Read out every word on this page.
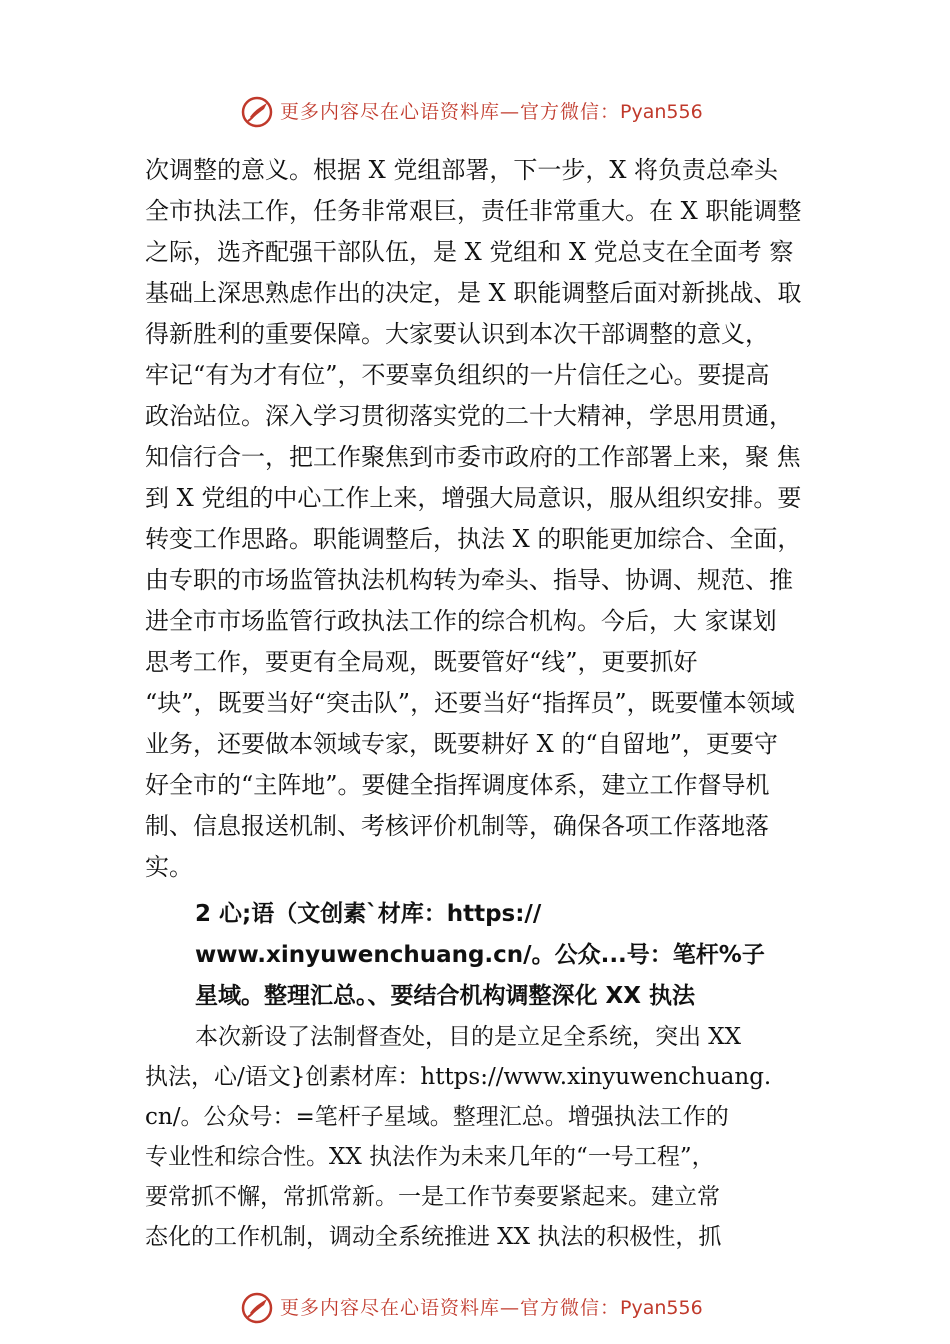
更多内容尽在心语资料库—官方微信：Pyan556
次调整的意义。根据 X 党组部署，下一步，X 将负责总牵头
全市执法工作，任务非常艰巨，责任非常重大。在 X 职能调整
之际，选齐配强干部队伍，是 X 党组和 X 党总支在全面考 察
基础上深思熟虑作出的决定，是 X 职能调整后面对新挑战、取
得新胜利的重要保障。大家要认识到本次干部调整的意义，
牢记“有为才有位”，不要辜负组织的一片信任之心。要提高
政治站位。深入学习贯彻落实党的二十大精神，学思用贯通，
知信行合一，把工作聚焦到市委市政府的工作部署上来，聚 焦
到 X 党组的中心工作上来，增强大局意识，服从组织安排。要
转变工作思路。职能调整后，执法 X 的职能更加综合、全面，
由专职的市场监管执法机构转为牵头、指导、协调、规范、推
进全市市场监管行政执法工作的综合机构。今后，大 家谋划
思考工作，要更有全局观，既要管好“线”，更要抓好
“块”，既要当好“突击队”，还要当好“指挥员”，既要懂本领域
业务，还要做本领域专家，既要耕好 X 的“自留地”，更要守
好全市的“主阵地”。要健全指挥调度体系，建立工作督导机
制、信息报送机制、考核评价机制等，确保各项工作落地落
实。
2 心;语（文创素`材库：https://
www.xinyuwenchuang.cn/。公众...号：笔杆%子
星域。整理汇总。、要结合机构调整深化 XX 执法
本次新设了法制督查处，目的是立足全系统，突出 XX
执法，心/语文}创素材库：https://www.xinyuwenchuang.
cn/。公众号：=笔杆子星域。整理汇总。增强执法工作的
专业性和综合性。XX 执法作为未来几年的“一号工程”，
要常抓不懈，常抓常新。一是工作节奏要紧起来。建立常
态化的工作机制，调动全系统推进 XX 执法的积极性，抓
更多内容尽在心语资料库—官方微信：Pyan556
